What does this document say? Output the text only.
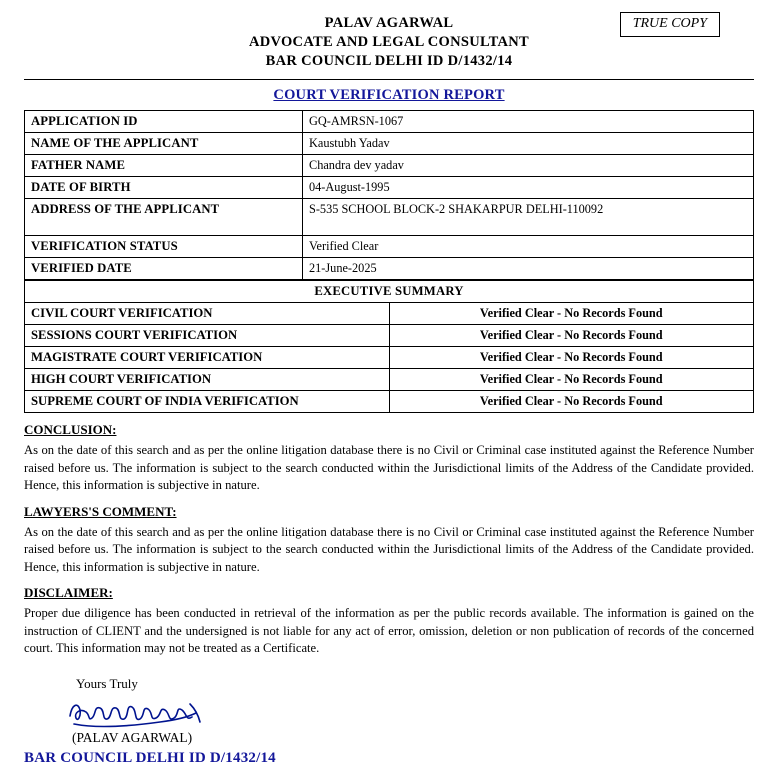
TRUE COPY
PALAV AGARWAL
ADVOCATE AND LEGAL CONSULTANT
BAR COUNCIL DELHI ID D/1432/14
COURT VERIFICATION REPORT
APPLICATION ID	GQ-AMRSN-1067
NAME OF THE APPLICANT	Kaustubh Yadav
FATHER NAME	Chandra dev yadav
DATE OF BIRTH	04-August-1995
ADDRESS OF THE APPLICANT	S-535 SCHOOL BLOCK-2 SHAKARPUR DELHI-110092
VERIFICATION STATUS	Verified Clear
VERIFIED DATE	21-June-2025
EXECUTIVE SUMMARY	
CIVIL COURT VERIFICATION	Verified Clear - No Records Found
SESSIONS COURT VERIFICATION	Verified Clear - No Records Found
MAGISTRATE COURT VERIFICATION	Verified Clear - No Records Found
HIGH COURT VERIFICATION	Verified Clear - No Records Found
SUPREME COURT OF INDIA VERIFICATION	Verified Clear - No Records Found
CONCLUSION:
As on the date of this search and as per the online litigation database there is no Civil or Criminal case instituted against the Reference Number raised before us. The information is subject to the search conducted within the Jurisdictional limits of the Address of the Candidate provided. Hence, this information is subjective in nature.
LAWYERS'S COMMENT:
As on the date of this search and as per the online litigation database there is no Civil or Criminal case instituted against the Reference Number raised before us. The information is subject to the search conducted within the Jurisdictional limits of the Address of the Candidate provided. Hence, this information is subjective in nature.
DISCLAIMER:
Proper due diligence has been conducted in retrieval of the information as per the public records available. The information is gained on the instruction of CLIENT and the undersigned is not liable for any act of error, omission, deletion or non publication of records of the concerned court. This information may not be treated as a Certificate.
Yours Truly
(PALAV AGARWAL)
BAR COUNCIL DELHI ID D/1432/14
